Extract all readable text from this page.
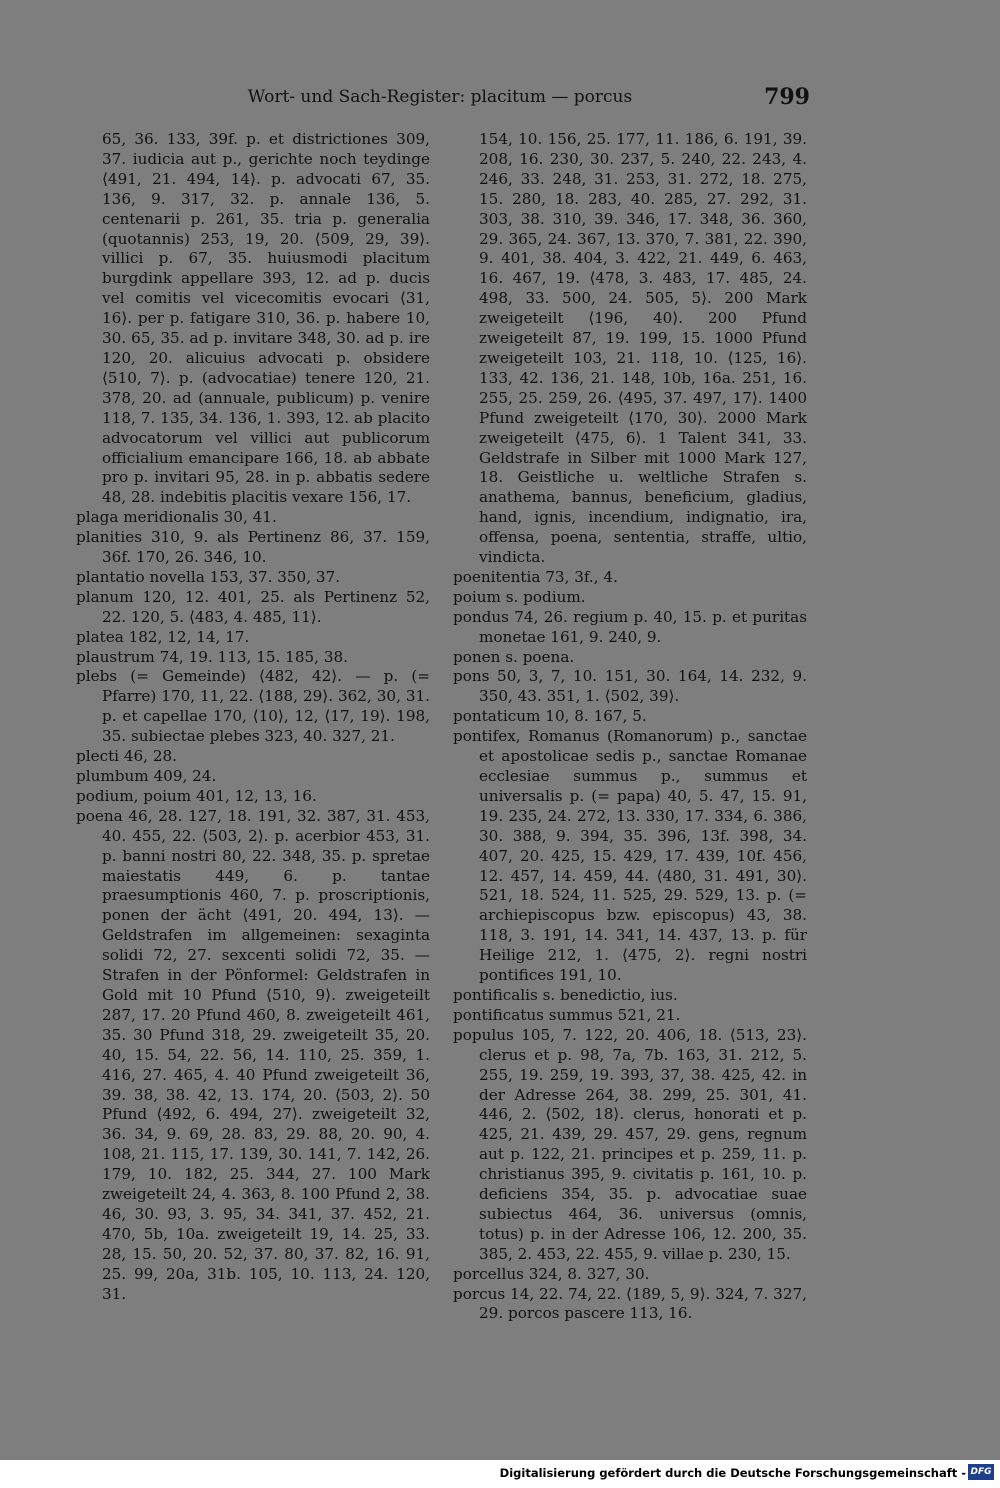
Wort- und Sach-Register: placitum — porcus	799

65, 36. 133, 39f. p. et districtiones 309, 37. iudicia aut p., gerichte noch teydinge ⟨491, 21. 494, 14⟩. p. advocati 67, 35. 136, 9. 317, 32. p. annale 136, 5. centenarii p. 261, 35. tria p. generalia (quotannis) 253, 19, 20. ⟨509, 29, 39⟩. villici p. 67, 35. huiusmodi placitum burgdink appellare 393, 12. ad p. ducis vel comitis vel vicecomitis evocari ⟨31, 16⟩. per p. fatigare 310, 36. p. habere 10, 30. 65, 35. ad p. invitare 348, 30. ad p. ire 120, 20. alicuius advocati p. obsidere ⟨510, 7⟩. p. (advocatiae) tenere 120, 21. 378, 20. ad (annuale, publicum) p. venire 118, 7. 135, 34. 136, 1. 393, 12. ab placito advocatorum vel villici aut publicorum officialium emancipare 166, 18. ab abbate pro p. invitari 95, 28. in p. abbatis sedere 48, 28. indebitis placitis vexare 156, 17.

plaga meridionalis 30, 41.

planities 310, 9. als Pertinenz 86, 37. 159, 36f. 170, 26. 346, 10.

plantatio novella 153, 37. 350, 37.

planum 120, 12. 401, 25. als Pertinenz 52, 22. 120, 5. ⟨483, 4. 485, 11⟩.

platea 182, 12, 14, 17.

plaustrum 74, 19. 113, 15. 185, 38.

plebs (= Gemeinde) ⟨482, 42⟩. — p. (= Pfarre) 170, 11, 22. ⟨188, 29⟩. 362, 30, 31. p. et capellae 170, ⟨10⟩, 12, ⟨17, 19⟩. 198, 35. subiectae plebes 323, 40. 327, 21.

plecti 46, 28.

plumbum 409, 24.

podium, poium 401, 12, 13, 16.

poena 46, 28. 127, 18. 191, 32. 387, 31. 453, 40. 455, 22. ⟨503, 2⟩. p. acerbior 453, 31. p. banni nostri 80, 22. 348, 35. p. spretae maiestatis 449, 6. p. tantae praesumptionis 460, 7. p. proscriptionis, ponen der ächt ⟨491, 20. 494, 13⟩. — Geldstrafen im allgemeinen: sexaginta solidi 72, 27. sexcenti solidi 72, 35. — Strafen in der Pönformel: Geldstrafen in Gold mit 10 Pfund ⟨510, 9⟩. zweigeteilt 287, 17. 20 Pfund 460, 8. zweigeteilt 461, 35. 30 Pfund 318, 29. zweigeteilt 35, 20. 40, 15. 54, 22. 56, 14. 110, 25. 359, 1. 416, 27. 465, 4. 40 Pfund zweigeteilt 36, 39. 38, 38. 42, 13. 174, 20. ⟨503, 2⟩. 50 Pfund ⟨492, 6. 494, 27⟩. zweigeteilt 32, 36. 34, 9. 69, 28. 83, 29. 88, 20. 90, 4. 108, 21. 115, 17. 139, 30. 141, 7. 142, 26. 179, 10. 182, 25. 344, 27. 100 Mark zweigeteilt 24, 4. 363, 8. 100 Pfund 2, 38. 46, 30. 93, 3. 95, 34. 341, 37. 452, 21. 470, 5b, 10a. zweigeteilt 19, 14. 25, 33. 28, 15. 50, 20. 52, 37. 80, 37. 82, 16. 91, 25. 99, 20a, 31b. 105, 10. 113, 24. 120, 31.

154, 10. 156, 25. 177, 11. 186, 6. 191, 39. 208, 16. 230, 30. 237, 5. 240, 22. 243, 4. 246, 33. 248, 31. 253, 31. 272, 18. 275, 15. 280, 18. 283, 40. 285, 27. 292, 31. 303, 38. 310, 39. 346, 17. 348, 36. 360, 29. 365, 24. 367, 13. 370, 7. 381, 22. 390, 9. 401, 38. 404, 3. 422, 21. 449, 6. 463, 16. 467, 19. ⟨478, 3. 483, 17. 485, 24. 498, 33. 500, 24. 505, 5⟩. 200 Mark zweigeteilt ⟨196, 40⟩. 200 Pfund zweigeteilt 87, 19. 199, 15. 1000 Pfund zweigeteilt 103, 21. 118, 10. ⟨125, 16⟩. 133, 42. 136, 21. 148, 10b, 16a. 251, 16. 255, 25. 259, 26. ⟨495, 37. 497, 17⟩. 1400 Pfund zweigeteilt ⟨170, 30⟩. 2000 Mark zweigeteilt ⟨475, 6⟩. 1 Talent 341, 33. Geldstrafe in Silber mit 1000 Mark 127, 18. Geistliche u. weltliche Strafen s. anathema, bannus, beneficium, gladius, hand, ignis, incendium, indignatio, ira, offensa, poena, sententia, straffe, ultio, vindicta.

poenitentia 73, 3f., 4.

poium s. podium.

pondus 74, 26. regium p. 40, 15. p. et puritas monetae 161, 9. 240, 9.

ponen s. poena.

pons 50, 3, 7, 10. 151, 30. 164, 14. 232, 9. 350, 43. 351, 1. ⟨502, 39⟩.

pontaticum 10, 8. 167, 5.

pontifex, Romanus (Romanorum) p., sanctae et apostolicae sedis p., sanctae Romanae ecclesiae summus p., summus et universalis p. (= papa) 40, 5. 47, 15. 91, 19. 235, 24. 272, 13. 330, 17. 334, 6. 386, 30. 388, 9. 394, 35. 396, 13f. 398, 34. 407, 20. 425, 15. 429, 17. 439, 10f. 456, 12. 457, 14. 459, 44. ⟨480, 31. 491, 30⟩. 521, 18. 524, 11. 525, 29. 529, 13. p. (= archiepiscopus bzw. episcopus) 43, 38. 118, 3. 191, 14. 341, 14. 437, 13. p. für Heilige 212, 1. ⟨475, 2⟩. regni nostri pontifices 191, 10.

pontificalis s. benedictio, ius.

pontificatus summus 521, 21.

populus 105, 7. 122, 20. 406, 18. ⟨513, 23⟩. clerus et p. 98, 7a, 7b. 163, 31. 212, 5. 255, 19. 259, 19. 393, 37, 38. 425, 42. in der Adresse 264, 38. 299, 25. 301, 41. 446, 2. ⟨502, 18⟩. clerus, honorati et p. 425, 21. 439, 29. 457, 29. gens, regnum aut p. 122, 21. principes et p. 259, 11. p. christianus 395, 9. civitatis p. 161, 10. p. deficiens 354, 35. p. advocatiae suae subiectus 464, 36. universus (omnis, totus) p. in der Adresse 106, 12. 200, 35. 385, 2. 453, 22. 455, 9. villae p. 230, 15.

porcellus 324, 8. 327, 30.

porcus 14, 22. 74, 22. ⟨189, 5, 9⟩. 324, 7. 327, 29. porcos pascere 113, 16.

Digitalisierung gefördert durch die Deutsche Forschungsgemeinschaft - DFG
